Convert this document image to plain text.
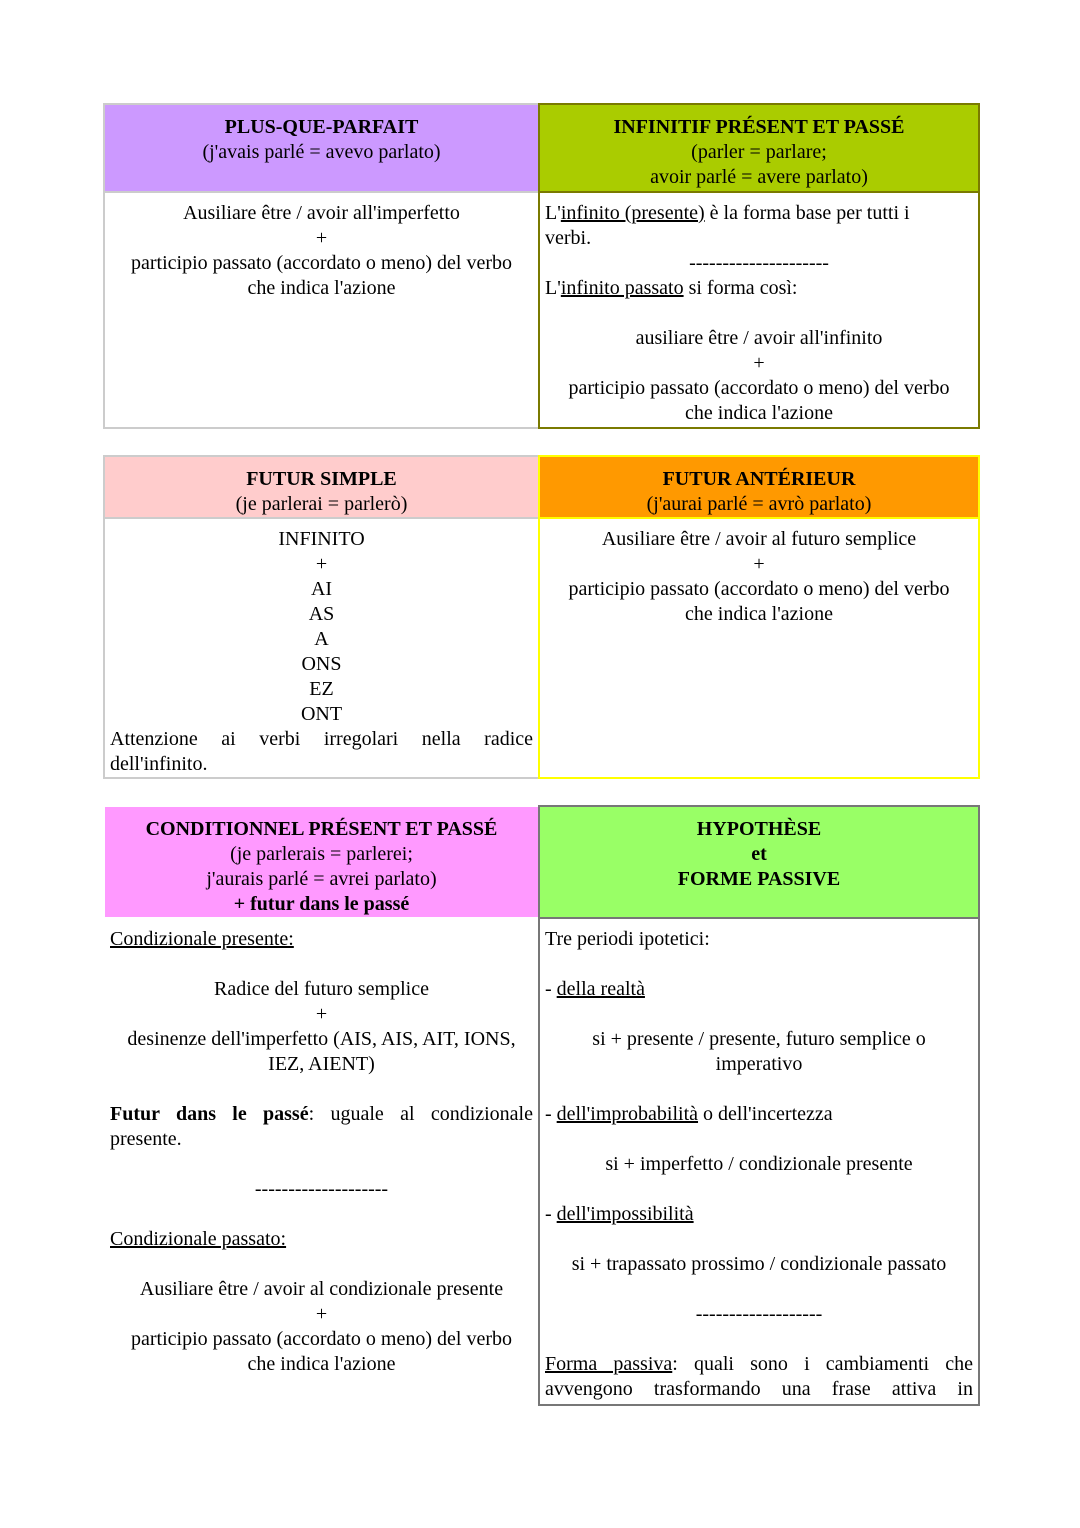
PLUS-QUE-PARFAIT
(j'avais parlé = avevo parlato)
INFINITIF PRÉSENT ET PASSÉ
(parler = parlare;
avoir parlé = avere parlato)
Ausiliare être / avoir all'imperfetto
+
participio passato (accordato o meno) del verbo
che indica l'azione
L'infinito (presente) è la forma base per tutti i
verbi.
---------------------
L'infinito passato si forma così:
ausiliare être / avoir all'infinito
+
participio passato (accordato o meno) del verbo
che indica l'azione
FUTUR SIMPLE
(je parlerai = parlerò)
FUTUR ANTÉRIEUR
(j'aurai parlé = avrò parlato)
INFINITO
+
AI
AS
A
ONS
EZ
ONT
Attenzione ai verbi irregolari nella radice
dell'infinito.
Ausiliare être / avoir al futuro semplice
+
participio passato (accordato o meno) del verbo
che indica l'azione
CONDITIONNEL PRÉSENT ET PASSÉ
(je parlerais = parlerei;
j'aurais parlé = avrei parlato)
+ futur dans le passé
HYPOTHÈSE
et
FORME PASSIVE
Condizionale presente:
Radice del futuro semplice
+
desinenze dell'imperfetto (AIS, AIS, AIT, IONS,
IEZ, AIENT)
Futur dans le passé: uguale al condizionale
presente.
--------------------
Condizionale passato:
Ausiliare être / avoir al condizionale presente
+
participio passato (accordato o meno) del verbo
che indica l'azione
Tre periodi ipotetici:
- della realtà
si + presente / presente, futuro semplice o
imperativo
- dell'improbabilità o dell'incertezza
si + imperfetto / condizionale presente
- dell'impossibilità
si + trapassato prossimo / condizionale passato
-------------------
Forma passiva: quali sono i cambiamenti che
avvengono trasformando una frase attiva in
